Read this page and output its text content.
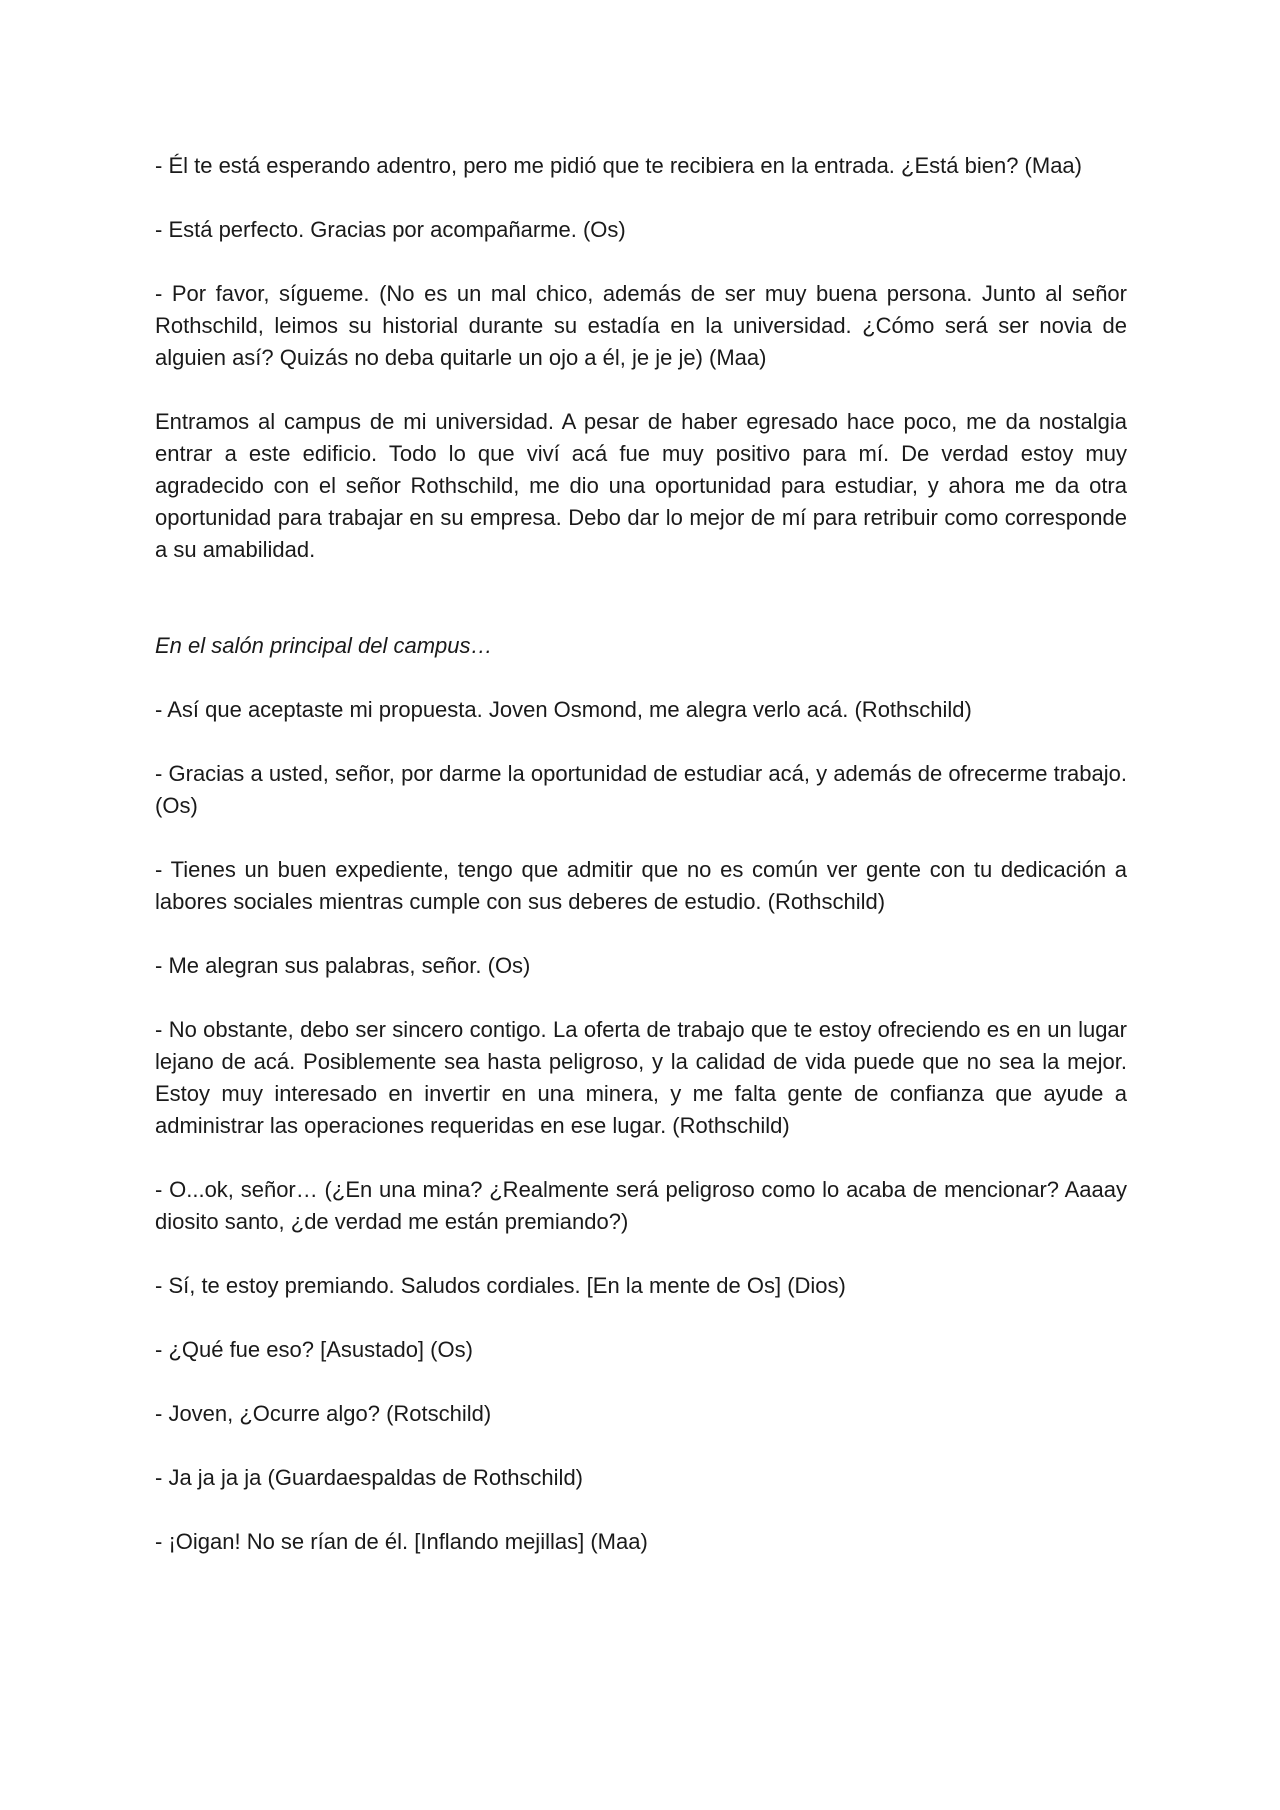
- Él te está esperando adentro, pero me pidió que te recibiera en la entrada. ¿Está bien? (Maa)

- Está perfecto. Gracias por acompañarme. (Os)

- Por favor, sígueme. (No es un mal chico, además de ser muy buena persona. Junto al señor Rothschild, leimos su historial durante su estadía en la universidad. ¿Cómo será ser novia de alguien así? Quizás no deba quitarle un ojo a él, je je je) (Maa)

Entramos al campus de mi universidad. A pesar de haber egresado hace poco, me da nostalgia entrar a este edificio. Todo lo que viví acá fue muy positivo para mí. De verdad estoy muy agradecido con el señor Rothschild, me dio una oportunidad para estudiar, y ahora me da otra oportunidad para trabajar en su empresa. Debo dar lo mejor de mí para retribuir como corresponde a su amabilidad.

En el salón principal del campus…

- Así que aceptaste mi propuesta. Joven Osmond, me alegra verlo acá. (Rothschild)

- Gracias a usted, señor, por darme la oportunidad de estudiar acá, y además de ofrecerme trabajo. (Os)

- Tienes un buen expediente, tengo que admitir que no es común ver gente con tu dedicación a labores sociales mientras cumple con sus deberes de estudio. (Rothschild)

- Me alegran sus palabras, señor. (Os)

- No obstante, debo ser sincero contigo. La oferta de trabajo que te estoy ofreciendo es en un lugar lejano de acá. Posiblemente sea hasta peligroso, y la calidad de vida puede que no sea la mejor. Estoy muy interesado en invertir en una minera, y me falta gente de confianza que ayude a administrar las operaciones requeridas en ese lugar. (Rothschild)

- O...ok, señor… (¿En una mina? ¿Realmente será peligroso como lo acaba de mencionar? Aaaay diosito santo, ¿de verdad me están premiando?)

- Sí, te estoy premiando. Saludos cordiales. [En la mente de Os] (Dios)

- ¿Qué fue eso? [Asustado] (Os)

- Joven, ¿Ocurre algo? (Rotschild)

- Ja ja ja ja (Guardaespaldas de Rothschild)

- ¡Oigan! No se rían de él. [Inflando mejillas] (Maa)
